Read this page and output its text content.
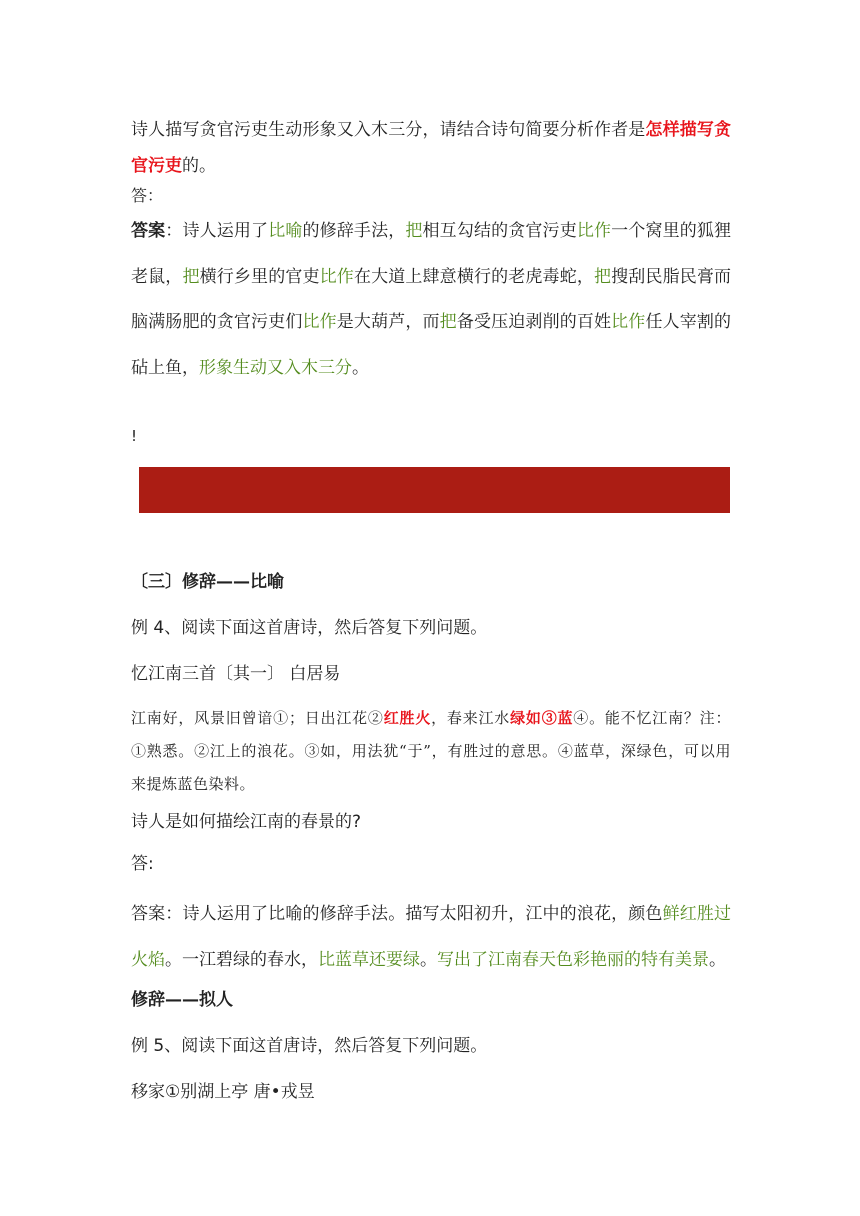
诗人描写贪官污吏生动形象又入木三分，请结合诗句简要分析作者是怎样描写贪官污吏的。

答：

答案：诗人运用了比喻的修辞手法，把相互勾结的贪官污吏比作一个窝里的狐狸老鼠，把横行乡里的官吏比作在大道上肆意横行的老虎毒蛇，把搜刮民脂民膏而脑满肠肥的贪官污吏们比作是大葫芦，而把备受压迫剥削的百姓比作任人宰割的砧上鱼，形象生动又入木三分。

!

〔三〕修辞——比喻

例 4、阅读下面这首唐诗，然后答复下列问题。

忆江南三首〔其一〕 白居易

江南好，风景旧曾谙①；日出江花②红胜火，春来江水绿如③蓝④。能不忆江南？注：①熟悉。②江上的浪花。③如，用法犹“于”，有胜过的意思。④蓝草，深绿色，可以用来提炼蓝色染料。

诗人是如何描绘江南的春景的?

答:

答案：诗人运用了比喻的修辞手法。描写太阳初升，江中的浪花，颜色鲜红胜过火焰。一江碧绿的春水，比蓝草还要绿。写出了江南春天色彩艳丽的特有美景。

修辞——拟人

例 5、阅读下面这首唐诗，然后答复下列问题。

移家①别湖上亭 唐•戎昱
